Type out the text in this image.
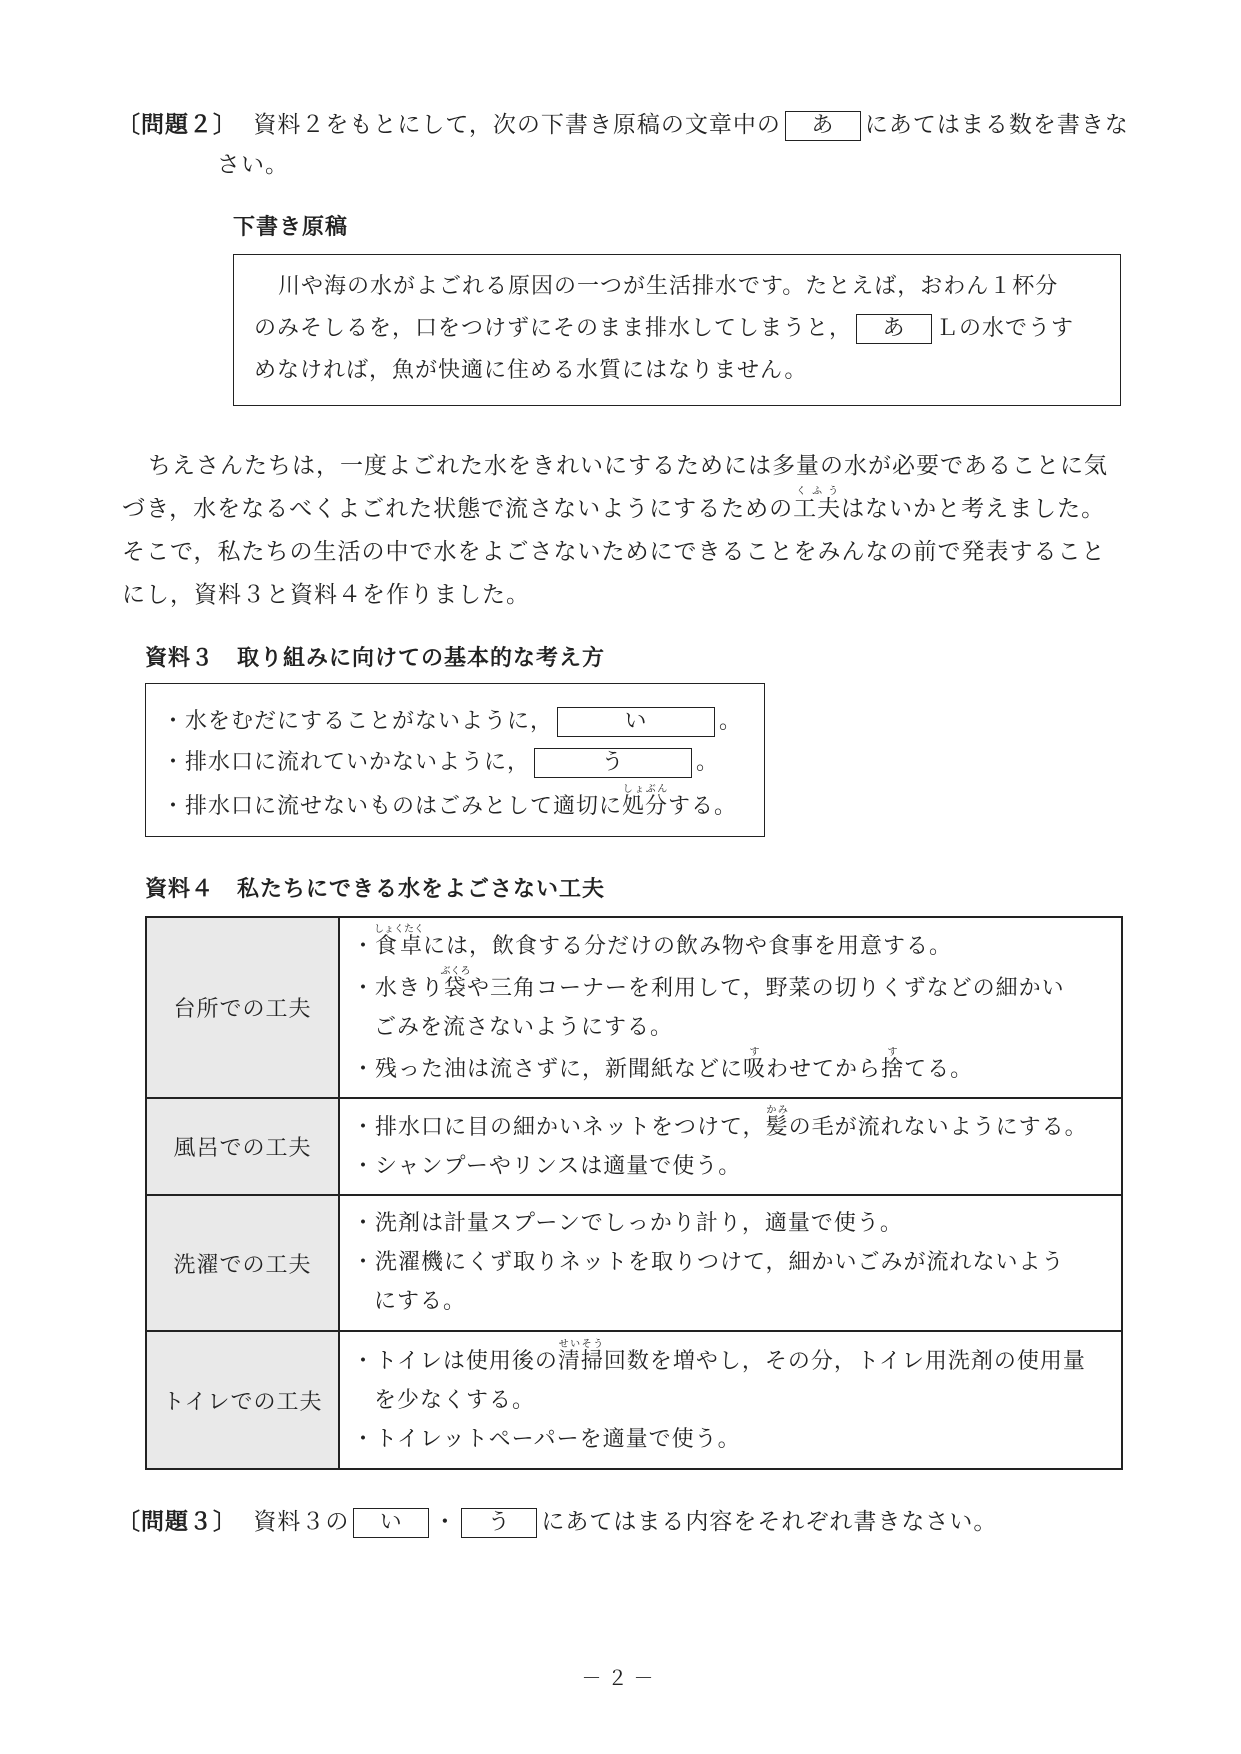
〔問題２〕 資料２をもとにして，次の下書き原稿の文章中の あ にあてはまる数を書きな
さい。
下書き原稿
川や海の水がよごれる原因の一つが生活排水です。たとえば，おわん１杯分
のみそしるを，口をつけずにそのまま排水してしまうと， あ Ｌの水でうす
めなければ，魚が快適に住める水質にはなりません。
ちえさんたちは，一度よごれた水をきれいにするためには多量の水が必要であることに気
づき，水をなるべくよごれた状態で流さないようにするための工夫くふうはないかと考えました。
そこで，私たちの生活の中で水をよごさないためにできることをみんなの前で発表すること
にし，資料３と資料４を作りました。
資料３　取り組みに向けての基本的な考え方
・水をむだにすることがないように，	い	。
・排水口に流れていかないように，	う	。
・排水口に流せないものはごみとして適切に処分しょぶんする。
資料４　私たちにできる水をよごさない工夫
台所での工夫	・食卓しょくたくには，飲食する分だけの飲み物や食事を用意する。
・水きり袋ぶくろや三角コーナーを利用して，野菜の切りくずなどの細かい
ごみを流さないようにする。
・残った油は流さずに，新聞紙などに吸すわせてから捨すてる。

風呂での工夫	・排水口に目の細かいネットをつけて，髪かみの毛が流れないようにする。
・シャンプーやリンスは適量で使う。

洗濯での工夫	・洗剤は計量スプーンでしっかり計り，適量で使う。
・洗濯機にくず取りネットを取りつけて，細かいごみが流れないよう
にする。

トイレでの工夫	・トイレは使用後の清掃せいそう回数を増やし，その分，トイレ用洗剤の使用量
を少なくする。
・トイレットペーパーを適量で使う。
〔問題３〕 資料３の い ・ う にあてはまる内容をそれぞれ書きなさい。
－２－
